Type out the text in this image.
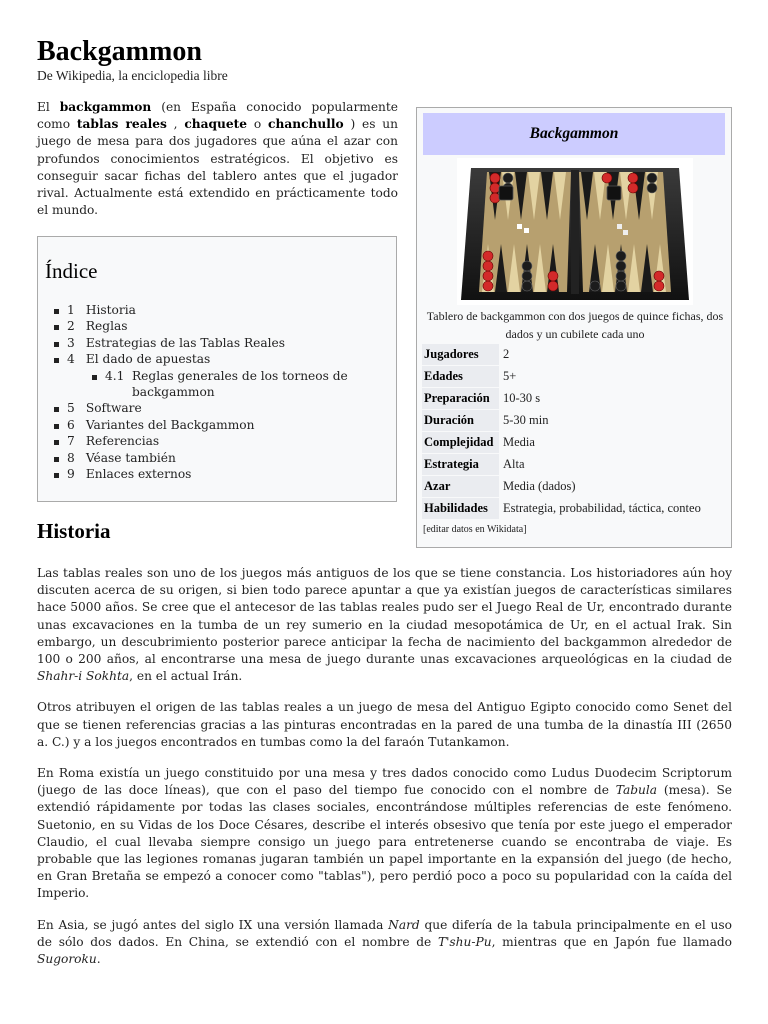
Backgammon
De Wikipedia, la enciclopedia libre
El backgammon (en España conocido popularmente como tablas reales , chaquete o chanchullo ) es un juego de mesa para dos jugadores que aúna el azar con profundos conocimientos estratégicos. El objetivo es conseguir sacar fichas del tablero antes que el jugador rival. Actualmente está extendido en prácticamente todo el mundo.
Índice
1 Historia
2 Reglas
3 Estrategias de las Tablas Reales
4 El dado de apuestas
4.1 Reglas generales de los torneos de
backgammon
5 Software
6 Variantes del Backgammon
7 Referencias
8 Véase también
9 Enlaces externos
Backgammon
Tablero de backgammon con dos juegos de quince fichas, dos dados y un cubilete cada uno
Jugadores	2
Edades	5+
Preparación	10-30 s
Duración	5-30 min
Complejidad Media
Estrategia	Alta
Azar	Media (dados)
Habilidades	Estrategia, probabilidad, táctica, conteo
[editar datos en Wikidata]
Historia

Las tablas reales son uno de los juegos más antiguos de los que se tiene constancia. Los historiadores aún hoy discuten acerca de su origen, si bien todo parece apuntar a que ya existían juegos de características similares hace 5000 años. Se cree que el antecesor de las tablas reales pudo ser el Juego Real de Ur, encontrado durante unas excavaciones en la tumba de un rey sumerio en la ciudad mesopotámica de Ur, en el actual Irak. Sin embargo, un descubrimiento posterior parece anticipar la fecha de nacimiento del backgammon alrededor de 100 o 200 años, al encontrarse una mesa de juego durante unas excavaciones arqueológicas en la ciudad de Shahr-i Sokhta, en el actual Irán.

Otros atribuyen el origen de las tablas reales a un juego de mesa del Antiguo Egipto conocido como Senet del que se tienen referencias gracias a las pinturas encontradas en la pared de una tumba de la dinastía III (2650 a. C.) y a los juegos encontrados en tumbas como la del faraón Tutankamon.

En Roma existía un juego constituido por una mesa y tres dados conocido como Ludus Duodecim Scriptorum (juego de las doce líneas), que con el paso del tiempo fue conocido con el nombre de Tabula (mesa). Se extendió rápidamente por todas las clases sociales, encontrándose múltiples referencias de este fenómeno. Suetonio, en su Vidas de los Doce Césares, describe el interés obsesivo que tenía por este juego el emperador Claudio, el cual llevaba siempre consigo un juego para entretenerse cuando se encontraba de viaje. Es probable que las legiones romanas jugaran también un papel importante en la expansión del juego (de hecho, en Gran Bretaña se empezó a conocer como "tablas"), pero perdió poco a poco su popularidad con la caída del Imperio.

En Asia, se jugó antes del siglo IX una versión llamada Nard que difería de la tabula principalmente en el uso de sólo dos dados. En China, se extendió con el nombre de T'shu-Pu, mientras que en Japón fue llamado Sugoroku.
